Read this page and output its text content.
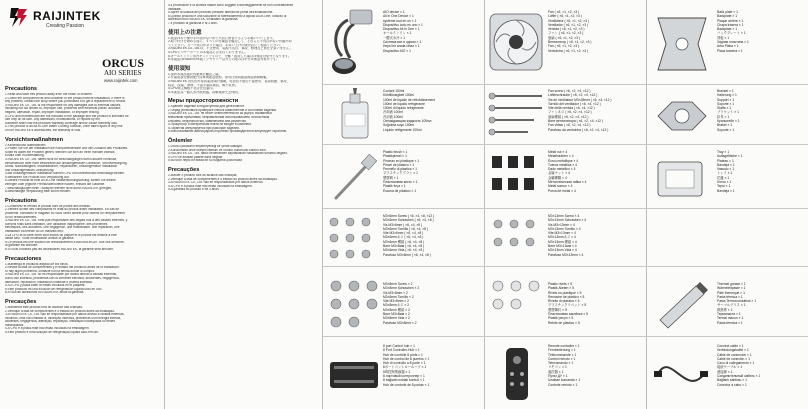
RAIJINTEK
Creating Passion
ORCUS
AIO SERIES
www.raijintek.com
Precautions
1.Read and save this product away from the reach of children.
2.Check the component list and condition of the product before installation. If there is
any problem, contact the shop where you purchased it to get a replacement or refund.
3.RAIJINTEK Co., Ltd. is not responsible for any damages due to external causes,
including but not limited to, improper use, problems with electrical power, accident,
neglect, alteration, repair, improper installation, or improper testing.
4.CPU and motherboard are not included in the package and the product is intended for
use only on its own. Any alterations, modifications, or repairs by the
customer shall void the products warranty coverage and/or cause warranty loss.
5.This product is an All-In-One Water Cooling Solution, once taken apart or any use
of non RAIJINTEK's accessories, the warranty is void.
Vorsichtsmaßnahmen
1.Kinderschutz aufbewahren.
2.Prüfen Sie vor der Installation die Komponentenliste und den Zustand des Produktes.
Sollte es dabei ein Problem geben, wenden Sie sich an Ihren Händler zwecks
Ersatz oder Rückerstattung.
3.RAIJINTEK Co., Ltd. haftet nicht für Beschädigungen durch äußere Einflüsse,
einschließlich aber nicht beschränkt auf unsachgemäßen Gebrauch, Stromversorgung,
Unfall, Nachlässigkeit, Modifikationen, Reparaturen, unsachgemäße Installation
und unsachgemäßes Überprüfung.
4.Bei unsachgemäßer Installation können CPU und Motherboard beschädigt werden.
5.Bewahren Sie Produkt und Verpackung auf.
6.Dieses Produkt ist eine All-In-One Wasserkühlungslösung; sollten Sie dieses
zerlegen oder jegliche Fremdzubehörteile nutzen, erlischt die Garantie.
7.Beschädigungen beim Transport werden nicht durch RAIJINTEK geregelt.
8.Beschädigte Verpackung bitte sofort melden.
Précautions
1.Conservez et rendez le produit hors de portée des enfants.
2.Vérifiez la liste des composants et l'état du produit avant installation. En cas de
problème, contactez le magasin où vous l'avez acheté pour obtenir un remplacement
ou un remboursement.
3.RAIJINTEK Co., Ltd. n'est pas responsable des dégâts dus à des causes externes, y
compris mais sans limitation, une utilisation inappropriée, des problèmes
électriques, des accidents, une négligence, une modification, une réparation, une
installation incorrecte ou un mauvais test.
4.La CPU et la carte mère sont exclus du paquet et le produit est destiné à être
utilisé seul. Toute modification annule la garantie.
5.Ce produit est une solution de refroidissement à eau tout-en-un. Une fois démonté,
la garantie est annulée.
6.Si vous n'utilisez pas les accessoires RAIJINTEK, la garantie sera annulée.
Precauciones
1.Mantenga el producto alejado de los niños.
2.Revise la lista de componentes y el estado del producto antes de la instalación.
Si hay algún problema, contacte con la tienda donde lo compró.
3.RAIJINTEK Co., Ltd. no es responsable por daños debido a causas externas,
como uso indebido, problemas con la corriente eléctrica, accidentes, negligencia,
alteración, reparación, instalación indebida o prueba indebida.
4.Su CPU y placa base no están incluidos en el paquete.
5.Este producto es una solución de refrigeración líquida todo en uno.
6.El uso de accesorios no RAIJINTEK anula la garantía.
Precauções
1.Mantenha este produto fora do alcance das crianças.
2.Verifique a lista de componentes e o estado do produto antes da instalação.
3.A RAIJINTEK Co., Ltd. não se responsabiliza por danos devido a causas externas,
incluindo, mas não limitado a, utilização indevida, problemas com energia elétrica,
acidentes, negligência, alteração, reparação, instalação inadequada ou testes
inadequados.
4.A CPU e a placa-mãe não estão incluídas na embalagem.
5.Este produto é uma solução de refrigeração líquida tudo-em-um.
4.Il processore e la scheda madre sono soggetti a danneggiamenti se non correttamente
installate.
5.Aprire la scatola del prodotto prestare attenzione prima dell'installazione.
6.Questo prodotto è una soluzione di raffreddamento a liquido All-in-One; l'utilizzo di
accessori non RAIJINTEK, invalidano la garanzia.
7.Il prodotto di garanzia è di 3 anni.
使用上の注意
1.製品はお子様の手の届かない所で大切に保管するようお願いいたします。
2.取り付けを始める前に、すべての付属品を確認して、それらに不具合がないか確かめ
てください。万一不具合があった場合、お買い上げの販売店にご相談ください。
3.RAIJINTEK Co., Ltd.は、不正使用、電源不具合、事故、修理など責任を負いません。
4.CPUとマザーボードは本製品に含まれておりません。
5.オールインワン水冷キットですので、分解・改造した場合は保証対象外となります。
6.本製品はRAIJINTEK製アクセサリー以外との組み合わせは保証対象外です。
使用須知
1.請將本產品置於孩童無法觸及之處。
2.安裝前請先檢查配件清單與產品狀態，如有任何問題請與經銷商聯繫。
3.RAIJINTEK 對於因外部因素造成的損壞，包括但不限於不當使用、電源問題、事故、
疏忽、改裝、維修、不當安裝或測試，概不負責。
4.CPU與主機板不包含在包裝內。
5.本產品為一體式水冷散熱器，拆解後即失去保固。
Меры предосторожности
1.Храните изделие в недоступном для детей месте.
2.Перед установкой проверьте список компонентов и состояние изделия.
3.RAIJINTEK Co., Ltd. не несёт ответственности за ущерб, вызванный
внешними причинами, неправильным использованием, несчастным
случаем, небрежностью, изменением или ремонтом.
4.Процессор и материнская плата не входят в комплект.
5.Гарантия аннулируется при разборке изделия.
6.Использование аксессуаров сторонних производителей аннулирует гарантию.
Önlemler
1.Ürünü çocukların erişemeyeceği bir yerde saklayın.
2.Kurulumdan önce bileşen listesini ve ürünün durumunu kontrol edin.
3.RAIJINTEK Co., Ltd. harici nedenlerden kaynaklanan hasarlardan sorumlu değildir.
4.CPU ve anakart pakete dahil değildir.
5.Bu ürün hepsi bir arada bir su soğutma çözümüdür.
Precauções
1.Manter o produto fora do alcance das crianças.
2.Verifique a lista de componentes e o estado do produto antes da instalação.
3.A RAIJINTEK Co., Ltd. não se responsabiliza por danos externos.
4.A CPU e a placa-mãe não estão incluídas na embalagem.
5.A garantia do produto é de 3 anos.
AIO device × 1
All in One Device × 1
système tout en un × 1
Dispositivo todo en uno × 1
Dispositivo All in One × 1
オールインワン × 1
一體式水冷 × 1
Система все в одном × 1
Hepsi bir arada cihaz × 1
Dispositivo AIO × 1
Coolant 100ml
Kühlflüssigkeit 100ml
100ml de liquide de refroidissement
100ml de líquido refrigerante
100ml di liquido refrigerante
冷却液 100ml
冷卻液 100ml
Охлаждающая жидкость 100мл
Soğutma suyu 100ml
Líquido refrigerante 100ml
Plastic brush × 1
Plastikpinsel × 1
Pinceau en plastique × 1
Pincel de plástico × 1
Pennello di plastica × 1
プラスチックブラシ × 1
塑膠刷 × 1
Пластиковая кисть × 1
Plastik fırça × 1
Escova de plástico × 1
M3×6mm Screw ( ×6, ×4, ×8, ×12 )
M3×6mm Schrauben ( ×6, ×4, ×8 )
Vis M3×6mm ( ×6, ×4, ×8 )
M3×6mm Tornillo ( ×6, ×4, ×8 )
Vite M3×6mm ( ×6, ×4, ×8 )
M3×6mmネジ ( ×6, ×4, ×8 )
M3×6mm 螺絲 ( ×6, ×4, ×8 )
Винт M3×6мм ( ×6, ×4, ×8 )
M3×6mm Vida ( ×6, ×4, ×8 )
Parafuso M3×6mm ( ×6, ×4, ×8 )
M3×8mm Screw × 2
M3×8mm Schrauben × 2
Vis M3×8mm × 2
M3×8mm Tornillo × 2
Vite M3×8mm × 2
M3×8mmネジ × 2
M3×8mm 螺絲 × 2
Винт M3×8мм × 2
M3×8mm Vida × 2
Parafuso M3×8mm × 2
8 port Control hub × 1
8 Port Controller-Hub × 1
Hub de contrôle 8 ports × 1
Hub de control de 8 puertos × 1
Hub di controllo a 8 porte × 1
8ポートコントロールハブ × 1
8埠控制集線器 × 1
8-портовый контроллер × 1
8 bağlantı noktalı kontrol × 1
Hub de controle de 8 portas × 1
Fan ( ×6, ×1, ×2, ×3 )
Lüfter ( ×6, ×1, ×2, ×3 )
Ventilateur ( ×6, ×1, ×2, ×3 )
Ventilador ( ×6, ×1, ×2, ×3 )
Ventola ( ×6, ×1, ×2, ×3 )
ファン ( ×6, ×1, ×2, ×3 )
風扇 ( ×6, ×1, ×2, ×3 )
Вентилятор ( ×6, ×1, ×2, ×3 )
Fan ( ×6, ×1, ×2, ×3 )
Ventoinha ( ×6, ×1, ×2, ×3 )
Fan screw ( ×6, ×2, ×4, ×12 )
Lüfterschraube ( ×6, ×2, ×4, ×12 )
Vis de ventilateur M3×35mm ( ×6, ×4, ×12 )
Tornillo del ventilador ( ×6, ×4, ×12 )
Vite della ventola ( ×6, ×4, ×12 )
ファンネジ ( ×6, ×2, ×4, ×12 )
風扇螺絲 ( ×6, ×2, ×4, ×12 )
Винт вентилятора ( ×6, ×2, ×4, ×12 )
Fan vidası ( ×6, ×2, ×4, ×12 )
Parafuso da ventoinha ( ×6, ×2, ×4, ×12 )
Metal nut × 4
Metallmuttern × 4
Écrou métallique × 4
Tuerca metálica × 4
Dado metallico × 4
金属ナット × 4
金屬螺帽 × 4
Металлическая гайка × 4
Metal somun × 4
Porca de metal × 4
M3×13mm Screw × 4
M3×13mm Schrauben × 4
Vis M3×13mm × 4
M3×13mm Tornillo × 4
Vite M3×13mm × 4
M3×13mmネジ × 4
M3×13mm 螺絲 × 4
Винт M3×13мм × 4
M3×13mm Vida × 4
Parafuso M3×13mm × 4
Plastic rivets × 5
Plastik-Nieten × 5
Rivets en plastique × 5
Remache de plástico × 5
Rivetto di plastica × 5
プラスチックリベット × 5
塑膠鉚釘 × 5
Пластиковая заклёпка × 5
Plastik perçin × 5
Rebite de plástico × 5
Remote controller × 1
Fernbedienung × 1
Télécommande × 1
Control remoto × 1
Telecomando × 1
リモコン × 1
遙控器 × 1
Пульт ДУ × 1
Uzaktan kumanda × 1
Controle remoto × 1
Back plate × 1
Backplate × 1
Plaque arrière × 1
Chapa trasera × 1
Backplate × 1
バックプレート × 1
背板 × 1
Задняя пластина × 1
Arka Plaka × 1
Placa traseira × 1
Bracket × 1
Halterung × 1
Support × 1
Soporte × 1
Staffa × 1
ブラケット × 1
扣具 × 1
Кронштейн × 1
Braket × 1
Suporte × 1
Tray × 1
Auflagefläche × 1
Plateau × 1
Bandeja × 1
Vassoio × 1
トレイ × 1
托盤 × 1
Лоток × 1
Tepsi × 1
Bandeja × 1
Thermal grease × 1
Wärmeleitpaste × 1
Pâte thermique × 1
Pasta térmica × 1
Pasta Termoconduttiva × 1
サーマルグリス × 1
散熱膏 × 1
Термопаста × 1
Termal macun × 1
Pasta térmica × 1
Connect cable × 1
Verbindungskabel × 1
Câble de connexion × 1
Cable de conexión × 1
Cavo di collegamento × 1
接続ケーブル × 1
連接線 × 1
Соединительный кабель × 1
Bağlantı kablosu × 1
Conector a cabo × 1
